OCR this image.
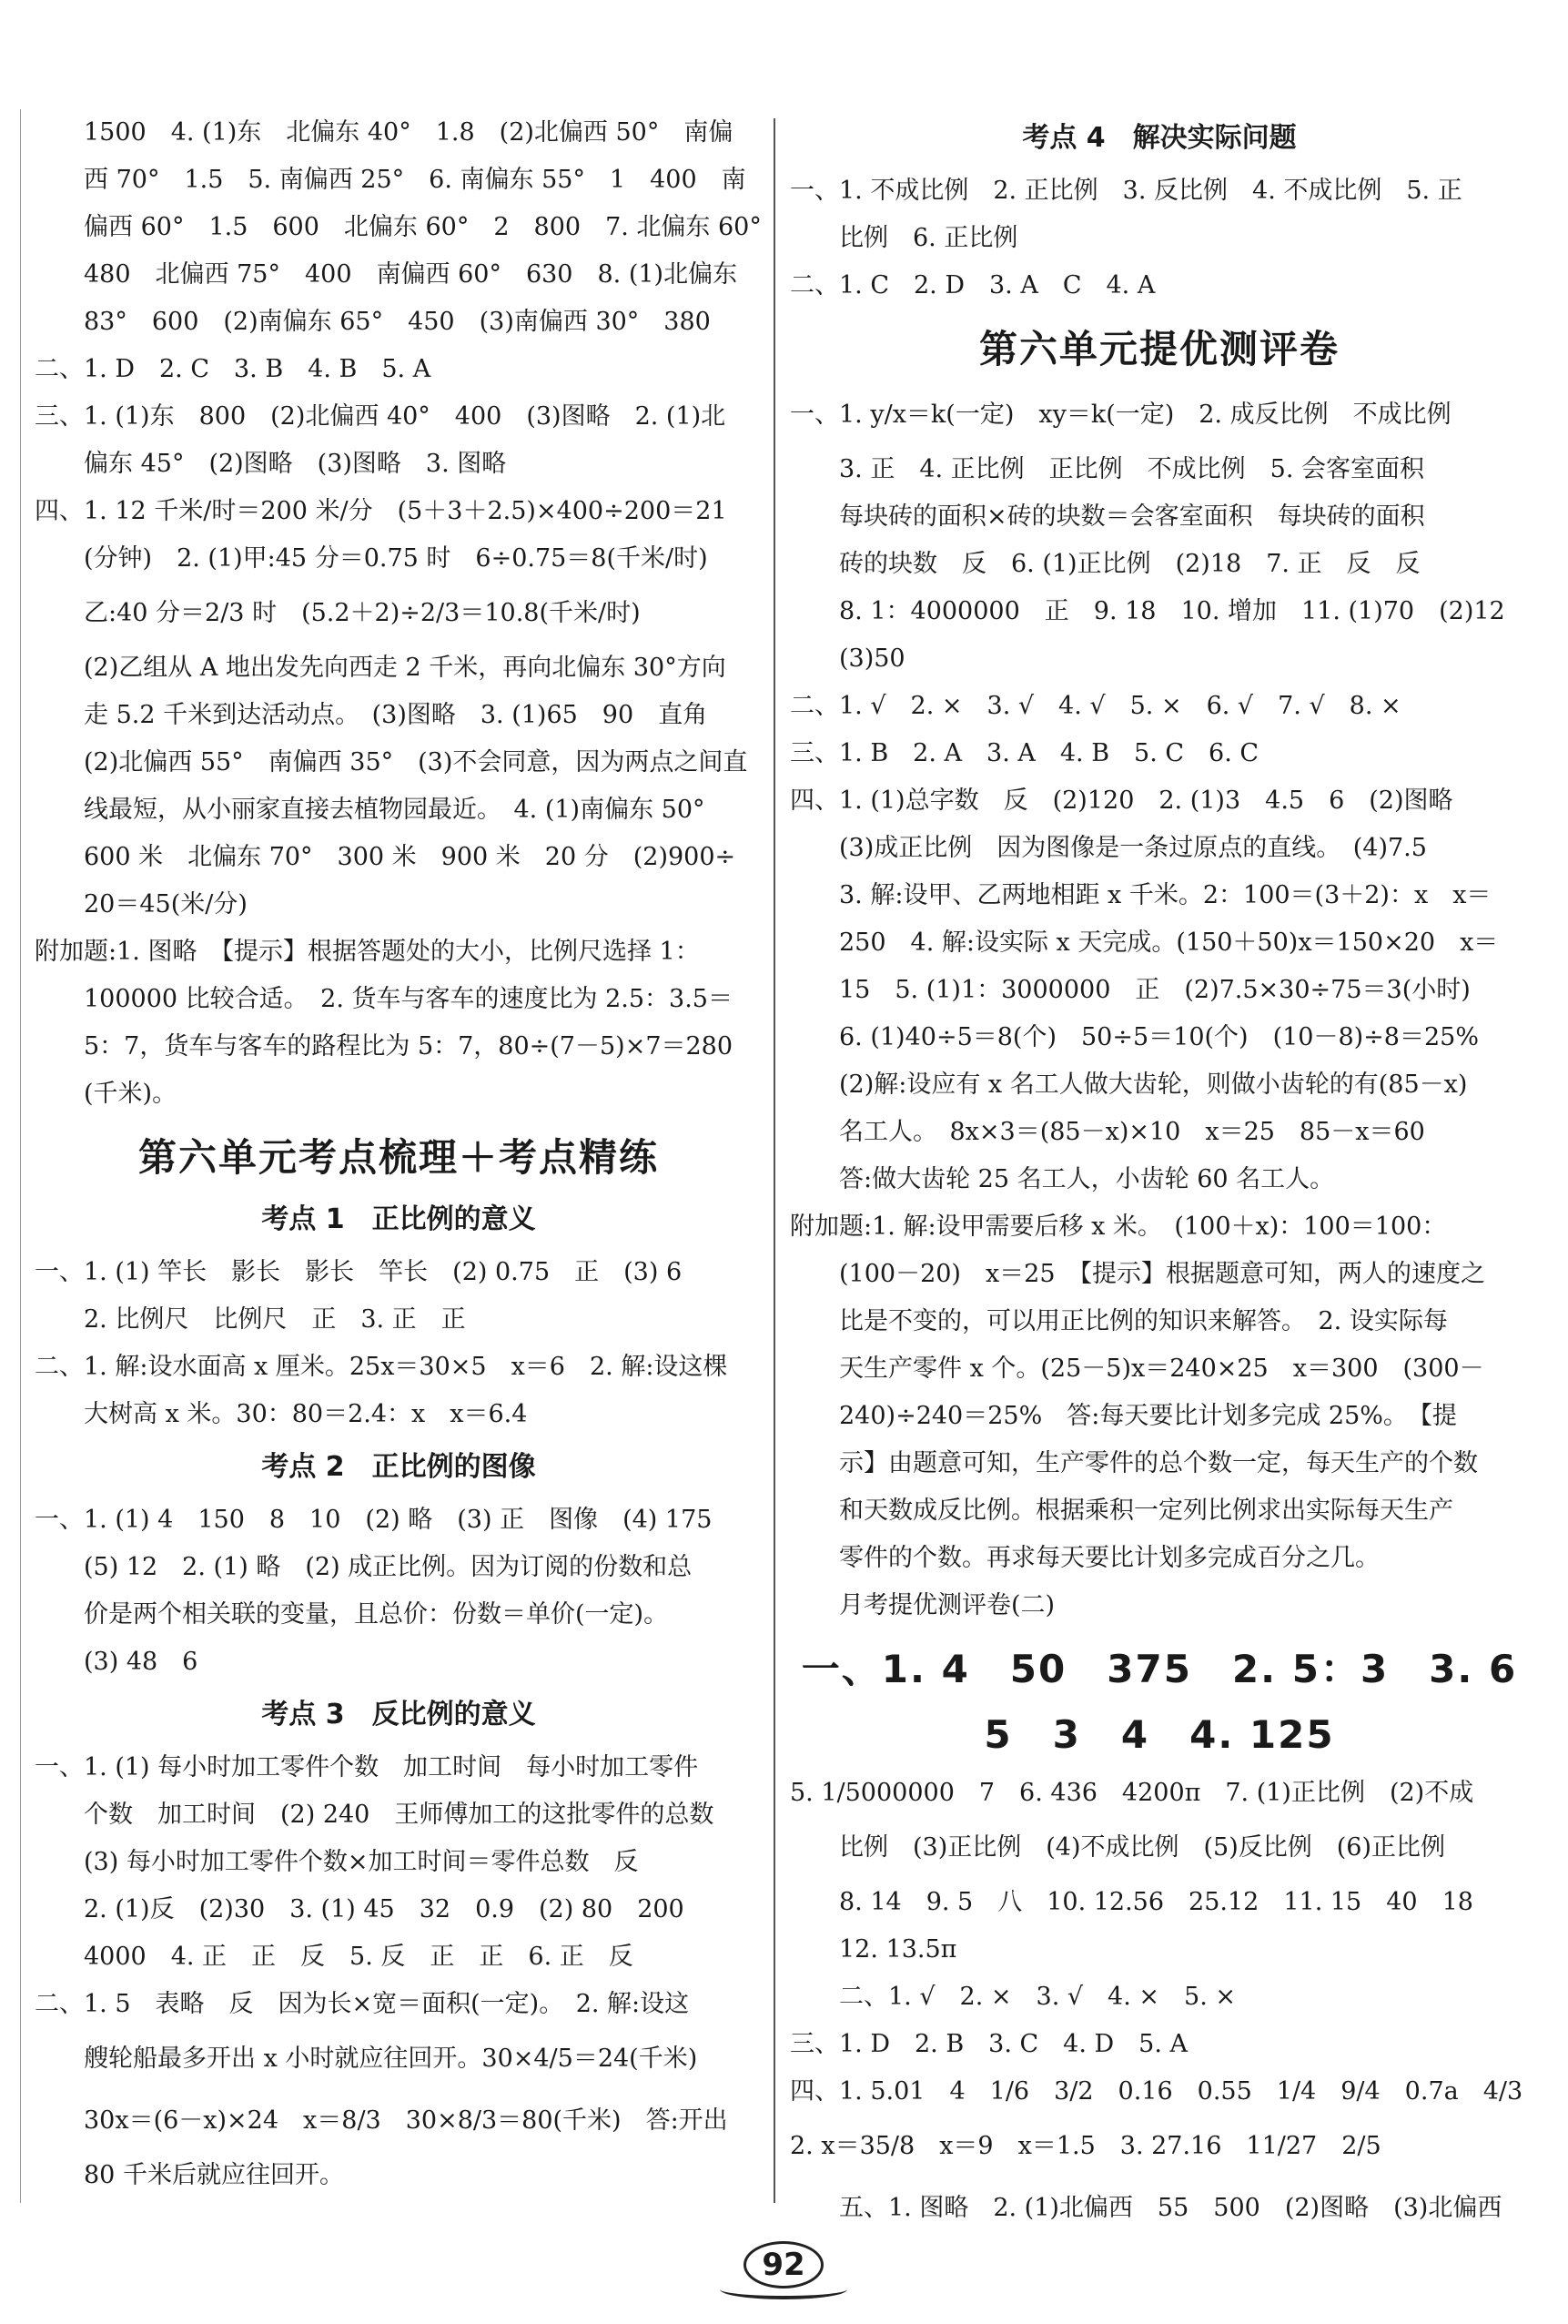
1500　4. (1)东　北偏东 40°　1.8　(2)北偏西 50°　南偏
西 70°　1.5　5. 南偏西 25°　6. 南偏东 55°　1　400　南
偏西 60°　1.5　600　北偏东 60°　2　800　7. 北偏东 60°
480　北偏西 75°　400　南偏西 60°　630　8. (1)北偏东
83°　600　(2)南偏东 65°　450　(3)南偏西 30°　380
二、1. D　2. C　3. B　4. B　5. A
三、1. (1)东　800　(2)北偏西 40°　400　(3)图略　2. (1)北
偏东 45°　(2)图略　(3)图略　3. 图略
四、1. 12 千米/时＝200 米/分　(5＋3＋2.5)×400÷200＝21
(分钟)　2. (1)甲:45 分＝0.75 时　6÷0.75＝8(千米/时)
乙:40 分＝2/3 时　(5.2＋2)÷2/3＝10.8(千米/时)
(2)乙组从 A 地出发先向西走 2 千米，再向北偏东 30°方向
走 5.2 千米到达活动点。　(3)图略　3. (1)65　90　直角
(2)北偏西 55°　南偏西 35°　(3)不会同意，因为两点之间直
线最短，从小丽家直接去植物园最近。　4. (1)南偏东 50°
600 米　北偏东 70°　300 米　900 米　20 分　(2)900÷
20＝45(米/分)
附加题:1. 图略　【提示】根据答题处的大小，比例尺选择 1：
100000 比较合适。　2. 货车与客车的速度比为 2.5：3.5＝
5：7，货车与客车的路程比为 5：7，80÷(7－5)×7＝280
(千米)。
第六单元考点梳理＋考点精练
考点 1　正比例的意义
一、1. (1) 竿长　影长　影长　竿长　(2) 0.75　正　(3) 6
2. 比例尺　比例尺　正　3. 正　正
二、1. 解:设水面高 x 厘米。25x＝30×5　x＝6　2. 解:设这棵
大树高 x 米。30：80＝2.4：x　x＝6.4
考点 2　正比例的图像
一、1. (1) 4　150　8　10　(2) 略　(3) 正　图像　(4) 175
(5) 12　2. (1) 略　(2) 成正比例。因为订阅的份数和总
价是两个相关联的变量，且总价：份数＝单价(一定)。
(3) 48　6
考点 3　反比例的意义
一、1. (1) 每小时加工零件个数　加工时间　每小时加工零件
个数　加工时间　(2) 240　王师傅加工的这批零件的总数
(3) 每小时加工零件个数×加工时间＝零件总数　反
2. (1)反　(2)30　3. (1) 45　32　0.9　(2) 80　200
4000　4. 正　正　反　5. 反　正　正　6. 正　反
二、1. 5　表略　反　因为长×宽＝面积(一定)。　2. 解:设这
艘轮船最多开出 x 小时就应往回开。30×4/5＝24(千米)
30x＝(6－x)×24　x＝8/3　30×8/3＝80(千米)　答:开出
80 千米后就应往回开。
考点 4　解决实际问题
一、1. 不成比例　2. 正比例　3. 反比例　4. 不成比例　5. 正
比例　6. 正比例
二、1. C　2. D　3. A　C　4. A
第六单元提优测评卷
一、1. y/x＝k(一定)　xy＝k(一定)　2. 成反比例　不成比例
3. 正　4. 正比例　正比例　不成比例　5. 会客室面积
每块砖的面积×砖的块数＝会客室面积　每块砖的面积
砖的块数　反　6. (1)正比例　(2)18　7. 正　反　反
8. 1：4000000　正　9. 18　10. 增加　11. (1)70　(2)12
(3)50
二、1. √　2. ×　3. √　4. √　5. ×　6. √　7. √　8. ×
三、1. B　2. A　3. A　4. B　5. C　6. C
四、1. (1)总字数　反　(2)120　2. (1)3　4.5　6　(2)图略
(3)成正比例　因为图像是一条过原点的直线。　(4)7.5
3. 解:设甲、乙两地相距 x 千米。2：100＝(3＋2)：x　x＝
250　4. 解:设实际 x 天完成。(150＋50)x＝150×20　x＝
15　5. (1)1：3000000　正　(2)7.5×30÷75＝3(小时)
6. (1)40÷5＝8(个)　50÷5＝10(个)　(10－8)÷8＝25%
(2)解:设应有 x 名工人做大齿轮，则做小齿轮的有(85－x)
名工人。　8x×3＝(85－x)×10　x＝25　85－x＝60
答:做大齿轮 25 名工人，小齿轮 60 名工人。
附加题:1. 解:设甲需要后移 x 米。　(100＋x)：100＝100：
(100－20)　x＝25　【提示】根据题意可知，两人的速度之
比是不变的，可以用正比例的知识来解答。　2. 设实际每
天生产零件 x 个。(25－5)x＝240×25　x＝300　(300－
240)÷240＝25%　答:每天要比计划多完成 25%。　【提
示】由题意可知，生产零件的总个数一定，每天生产的个数
和天数成反比例。根据乘积一定列比例求出实际每天生产
零件的个数。再求每天要比计划多完成百分之几。
月考提优测评卷(二)
一、1. 4　50　375　2. 5：3　3. 6　5　3　4　4. 125
5. 1/5000000　7　6. 436　4200π　7. (1)正比例　(2)不成
比例　(3)正比例　(4)不成比例　(5)反比例　(6)正比例
8. 14　9. 5　八　10. 12.56　25.12　11. 15　40　18
12. 13.5π
二、1. √　2. ×　3. √　4. ×　5. ×
三、1. D　2. B　3. C　4. D　5. A
四、1. 5.01　4　1/6　3/2　0.16　0.55　1/4　9/4　0.7a　4/3
2. x＝35/8　x＝9　x＝1.5　3. 27.16　11/27　2/5
五、1. 图略　2. (1)北偏西　55　500　(2)图略　(3)北偏西
92
